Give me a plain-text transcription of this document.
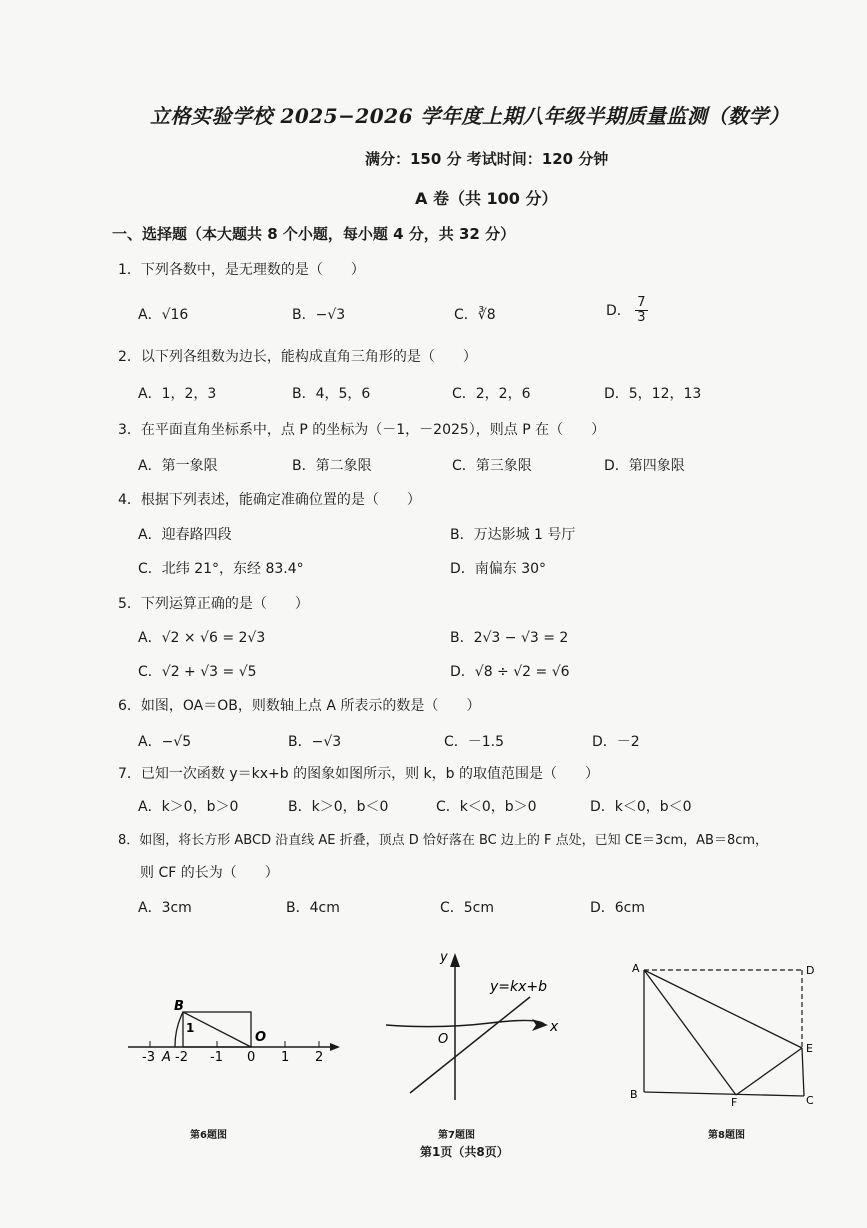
立格实验学校 2025−2026 学年度上期八年级半期质量监测（数学）
满分：150 分 考试时间：120 分钟
A 卷（共 100 分）
一、选择题（本大题共 8 个小题，每小题 4 分，共 32 分）
1．下列各数中，是无理数的是（　　）
A．√16	B．−√3	C．∛8	D． $\frac{7}{3}$
2．以下列各组数为边长，能构成直角三角形的是（　　）
A．1，2，3	B．4，5，6	C．2，2，6	D．5，12，13
3．在平面直角坐标系中，点 P 的坐标为（－1，－2025），则点 P 在（　　）
A．第一象限	B．第二象限	C．第三象限	D．第四象限
4．根据下列表述，能确定准确位置的是（　　）
A．迎春路四段	B．万达影城 1 号厅
C．北纬 21°，东经 83.4°	D．南偏东 30°
5．下列运算正确的是（　　）
A．√2 × √6 = 2√3	B．2√3 − √3 = 2
C．√2 + √3 = √5	D．√8 ÷ √2 = √6
6．如图，OA＝OB，则数轴上点 A 所表示的数是（　　）
A．−√5	B．−√3	C．－1.5	D．－2
7．已知一次函数 y＝kx+b 的图象如图所示，则 k，b 的取值范围是（　　）
A．k＞0，b＞0	B．k＞0，b＜0	C．k＜0，b＞0	D．k＜0，b＜0
8．如图，将长方形 ABCD 沿直线 AE 折叠，顶点 D 恰好落在 BC 边上的 F 点处，已知 CE＝3cm，AB＝8cm，
则 CF 的长为（　　）
A．3cm	B．4cm	C．5cm	D．6cm
-3 A -2 -1 0 1 2
B
O
1
第6题图
y
x
O
y=kx+b
第7题图
A
B	C
D
E
F
第8题图
第1页（共8页）
